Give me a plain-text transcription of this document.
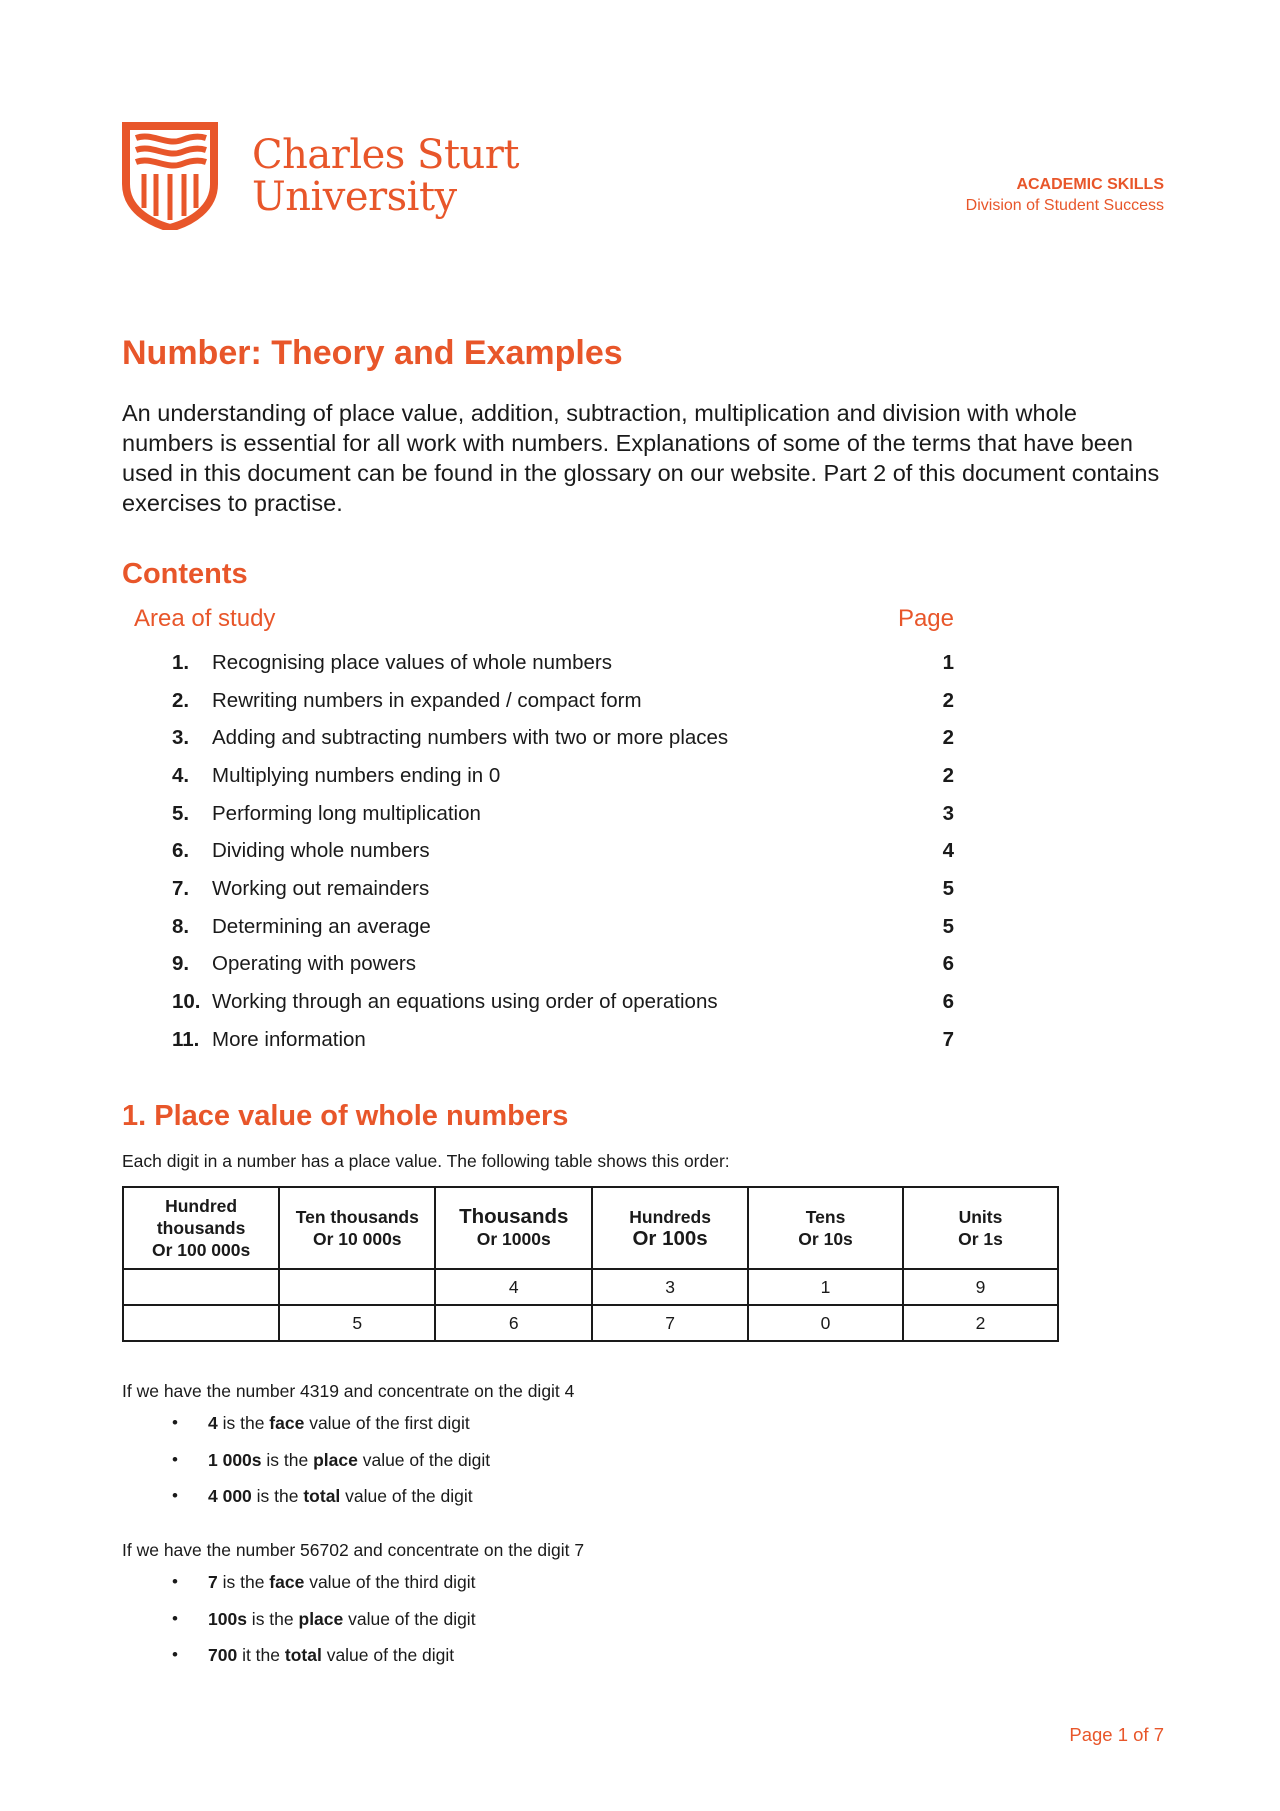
Charles Sturt
University	ACADEMIC SKILLS
Division of Student Success
Number: Theory and Examples

An understanding of place value, addition, subtraction, multiplication and division with whole numbers is essential for all work with numbers. Explanations of some of the terms that have been used in this document can be found in the glossary on our website. Part 2 of this document contains exercises to practise.

Contents
Area of study	Page
1.	Recognising place values of whole numbers	1
2.	Rewriting numbers in expanded / compact form	2
3.	Adding and subtracting numbers with two or more places	2
4.	Multiplying numbers ending in 0	2
5.	Performing long multiplication	3
6.	Dividing whole numbers	4
7.	Working out remainders	5
8.	Determining an average	5
9.	Operating with powers	6
10. Working through an equations using order of operations	6
11. More information	7
1. Place value of whole numbers

Each digit in a number has a place value. The following table shows this order:

Hundred
thousands
Or 100 000s	Ten thousands
Or 10 000s	Thousands
Or 1000s	Hundreds
Or 100s	Tens
Or 10s	Units
Or 1s
		4	3	1	9
	5	6	7	0	2

If we have the number 4319 and concentrate on the digit 4

• 4 is the face value of the first digit
• 1 000s is the place value of the digit
• 4 000 is the total value of the digit

If we have the number 56702 and concentrate on the digit 7

• 7 is the face value of the third digit
• 100s is the place value of the digit
• 700 it the total value of the digit
Page 1 of 7
